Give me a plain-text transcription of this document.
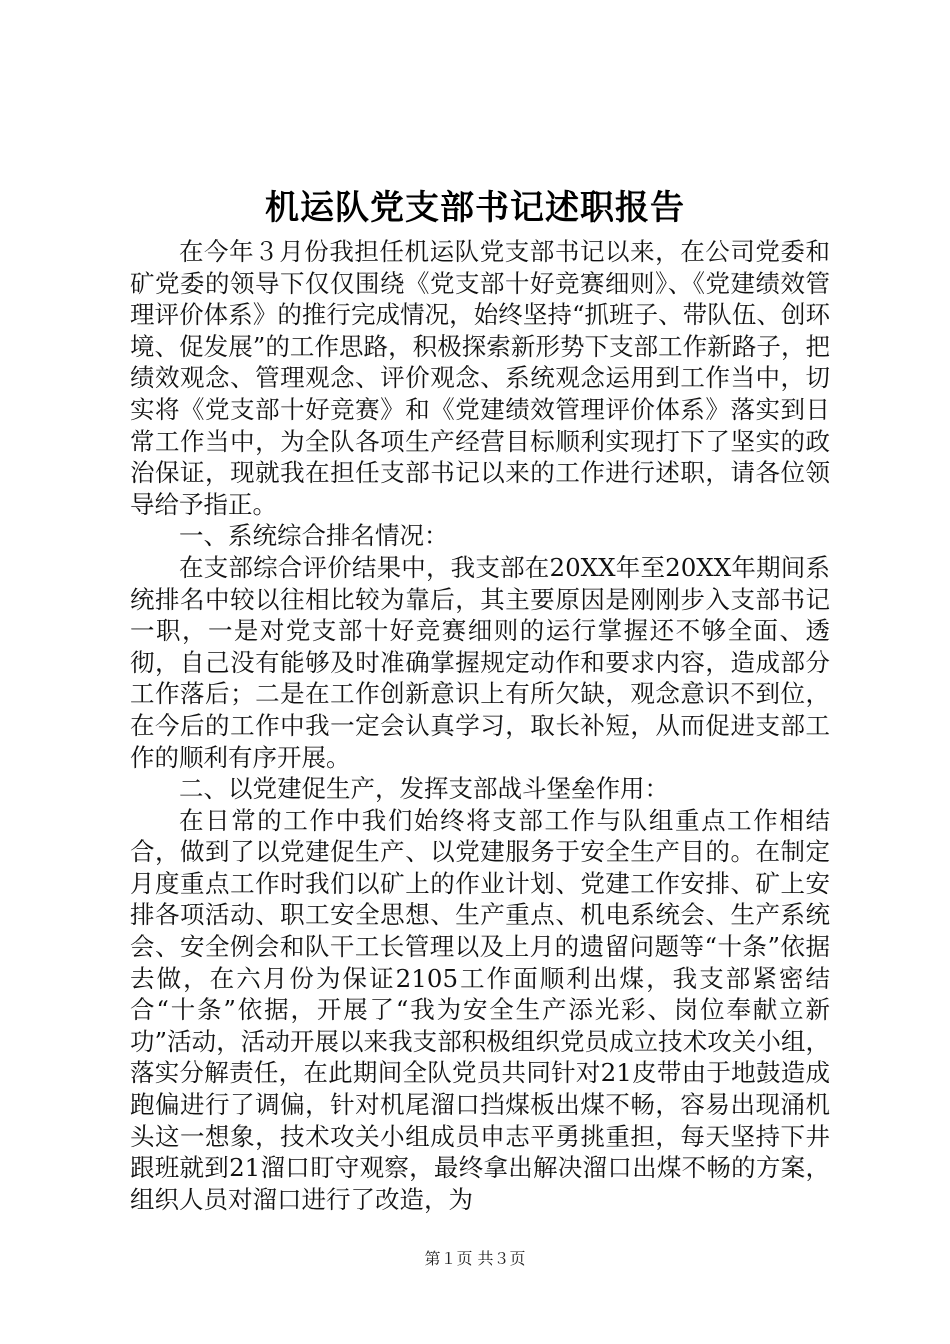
机运队党支部书记述职报告

在今年３月份我担任机运队党支部书记以来，在公司党委和矿党委的领导下仅仅围绕《党支部十好竞赛细则》、《党建绩效管理评价体系》的推行完成情况，始终坚持“抓班子、带队伍、创环境、促发展”的工作思路，积极探索新形势下支部工作新路子，把绩效观念、管理观念、评价观念、系统观念运用到工作当中，切实将《党支部十好竞赛》和《党建绩效管理评价体系》落实到日常工作当中，为全队各项生产经营目标顺利实现打下了坚实的政治保证，现就我在担任支部书记以来的工作进行述职，请各位领导给予指正。

一、系统综合排名情况：

在支部综合评价结果中，我支部在20XX年至20XX年期间系统排名中较以往相比较为靠后，其主要原因是刚刚步入支部书记一职，一是对党支部十好竞赛细则的运行掌握还不够全面、透彻，自己没有能够及时准确掌握规定动作和要求内容，造成部分工作落后；二是在工作创新意识上有所欠缺，观念意识不到位，在今后的工作中我一定会认真学习，取长补短，从而促进支部工作的顺利有序开展。

二、以党建促生产，发挥支部战斗堡垒作用：

在日常的工作中我们始终将支部工作与队组重点工作相结合，做到了以党建促生产、以党建服务于安全生产目的。在制定月度重点工作时我们以矿上的作业计划、党建工作安排、矿上安排各项活动、职工安全思想、生产重点、机电系统会、生产系统会、安全例会和队干工长管理以及上月的遗留问题等“十条”依据去做，在六月份为保证2105工作面顺利出煤，我支部紧密结合“十条”依据，开展了“我为安全生产添光彩、岗位奉献立新功”活动，活动开展以来我支部积极组织党员成立技术攻关小组，落实分解责任，在此期间全队党员共同针对21皮带由于地鼓造成跑偏进行了调偏，针对机尾溜口挡煤板出煤不畅，容易出现涌机头这一想象，技术攻关小组成员申志平勇挑重担，每天坚持下井跟班就到21溜口盯守观察，最终拿出解决溜口出煤不畅的方案，组织人员对溜口进行了改造，为

第１页 共３页
